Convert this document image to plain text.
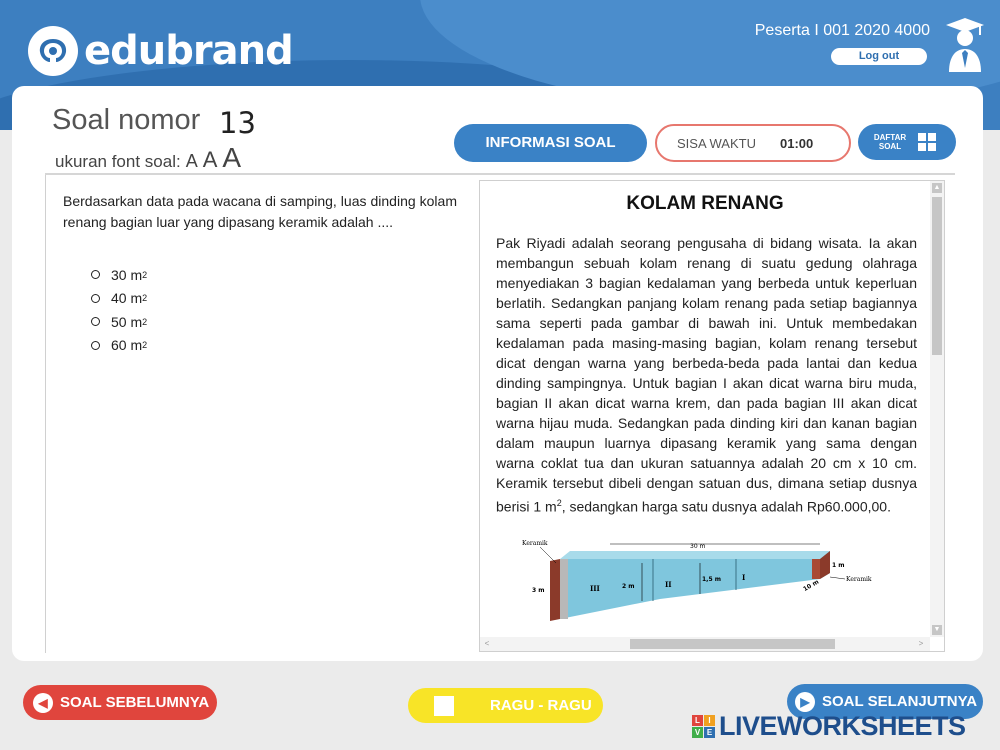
edubrand	Peserta I 001 2020 4000
Log out
Soal nomor 13
ukuran font soal: A A A	INFORMASI SOAL	SISA WAKTU 01:00	DAFTAR
SOAL
Berdasarkan data pada wacana di samping, luas dinding kolam renang bagian luar yang dipasang keramik adalah ....
30 m 2
40 m 2
50 m 2
60 m 2
KOLAM RENANG
Pak Riyadi adalah seorang pengusaha di bidang wisata. Ia akan membangun sebuah kolam renang di suatu gedung olahraga menyediakan 3 bagian kedalaman yang berbeda untuk keperluan berlatih. Sedangkan panjang kolam renang pada setiap bagiannya sama seperti pada gambar di bawah ini. Untuk membedakan kedalaman pada masing-masing bagian, kolam renang tersebut dicat dengan warna yang berbeda-beda pada lantai dan kedua dinding sampingnya. Untuk bagian I akan dicat warna biru muda, bagian II akan dicat warna krem, dan pada bagian III akan dicat warna hijau muda. Sedangkan pada dinding kiri dan kanan bagian dalam maupun luarnya dipasang keramik yang sama dengan warna coklat tua dan ukuran satuannya adalah 20 cm x 10 cm. Keramik tersebut dibeli dengan satuan dus, dimana setiap dusnya berisi 1 $m^2$, sedangkan harga satu dusnya adalah Rp60.000,00.
30 m
Keramik
Keramik
3 m
2 m
1,5 m
1 m
10 m
III	II
I
▲
▼
<	>
◀ SOAL SEBELUMNYA	RAGU - RAGU	▶ SOAL SELANJUTNYA
L	I
V E LIVEWORKSHEETS
